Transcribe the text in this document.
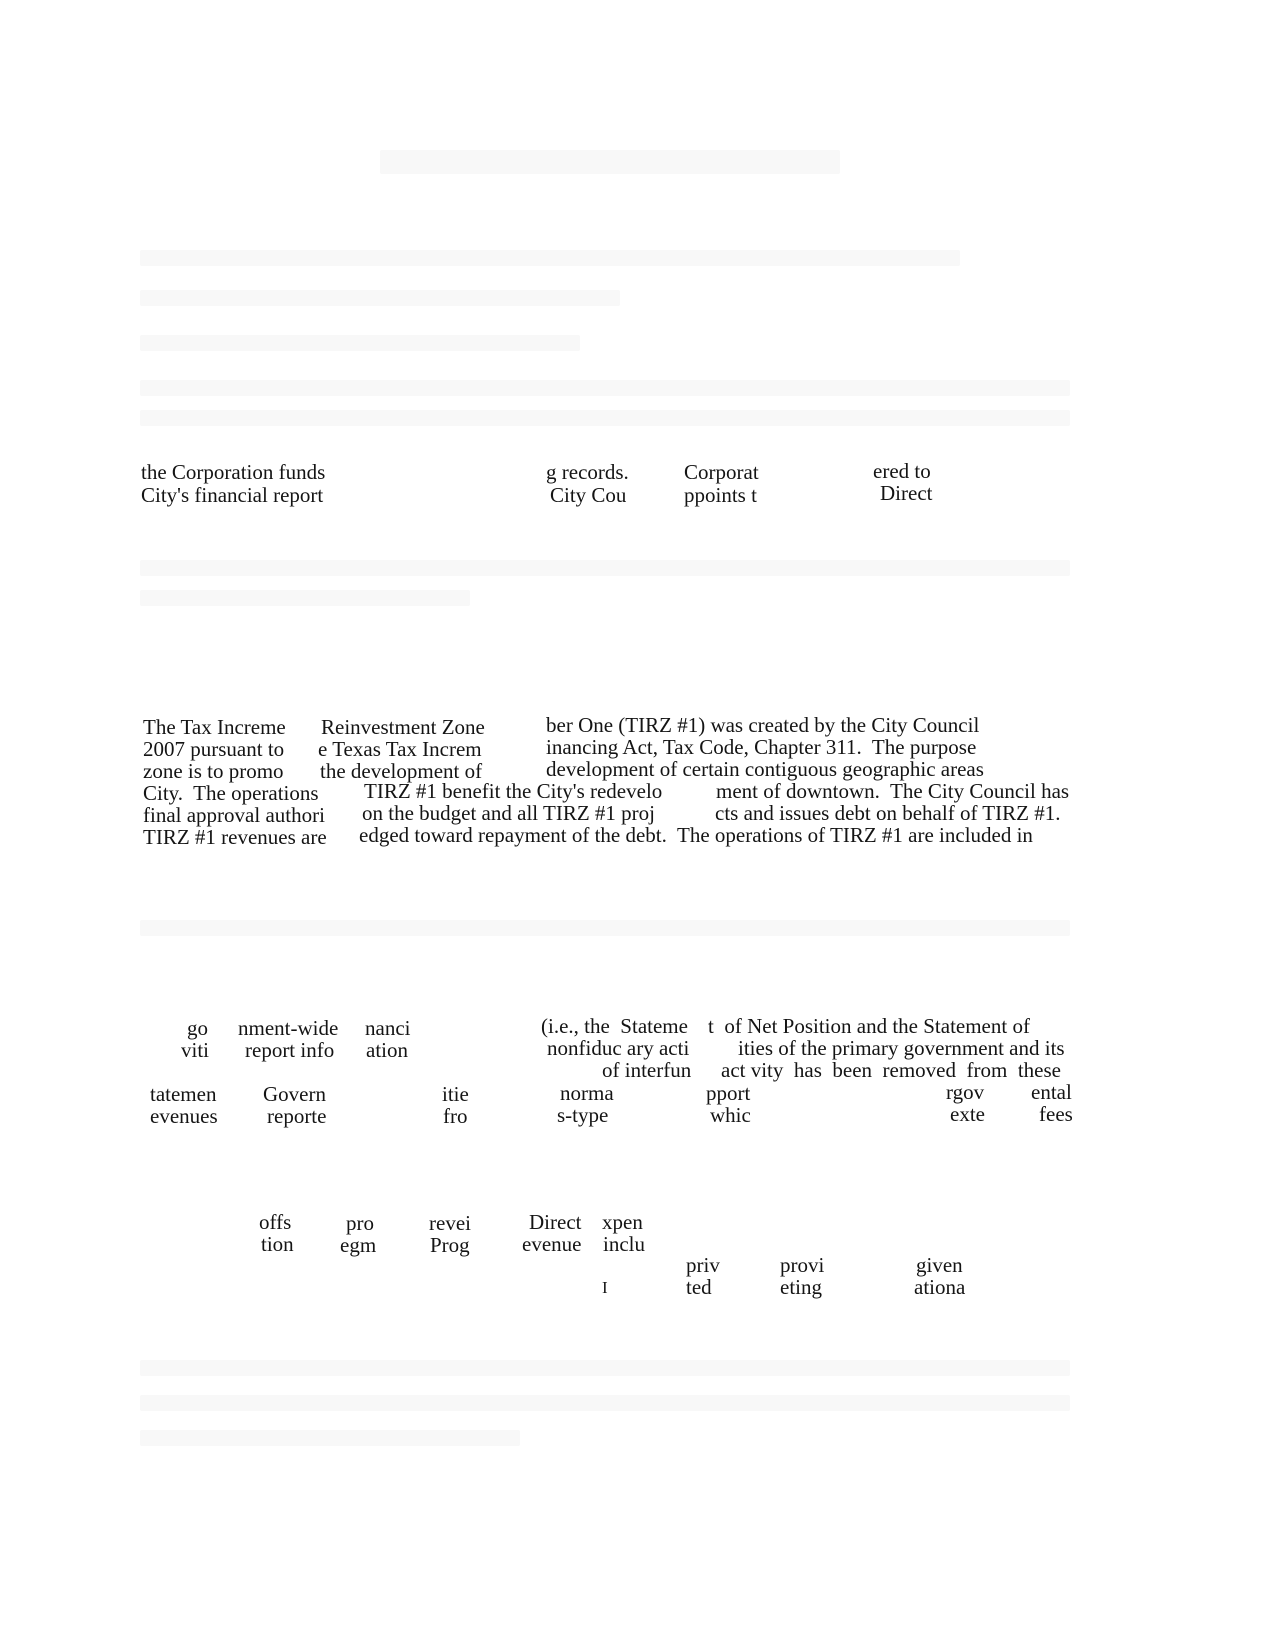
the Corporation funds	g records.	Corporat	ered to
City's financial report	City Cou	ppoints t	Direct
The Tax Increme Reinvestment Zone	ber One (TIRZ #1) was created by the City Council
2007 pursuant to e Texas Tax Increm	inancing Act, Tax Code, Chapter 311.  The purpose
zone is to promo the development of	development of certain contiguous geographic areas
City.  The operations TIRZ #1 benefit the City's redevelo	ment of downtown.  The City Council has
final approval authori on the budget and all TIRZ #1 proj	cts and issues debt on behalf of TIRZ #1.
TIRZ #1 revenues are edged toward repayment of the debt.  The operations of TIRZ #1 are included in
go nment-wide nanci	(i.e., the  Stateme t  of Net Position and the Statement of
viti report info ation	nonfiduc ary acti ities of the primary government and its
of interfun act vity  has  been  removed  from  these
tatemen Govern	itie	norma	pport	rgov ental
evenues reporte	fro	s-type	whic	exte	fees
offs	pro	revei	Direct xpen
tion egm	Prog evenue inclu
priv	provi	given
I	ted	eting	ationa
